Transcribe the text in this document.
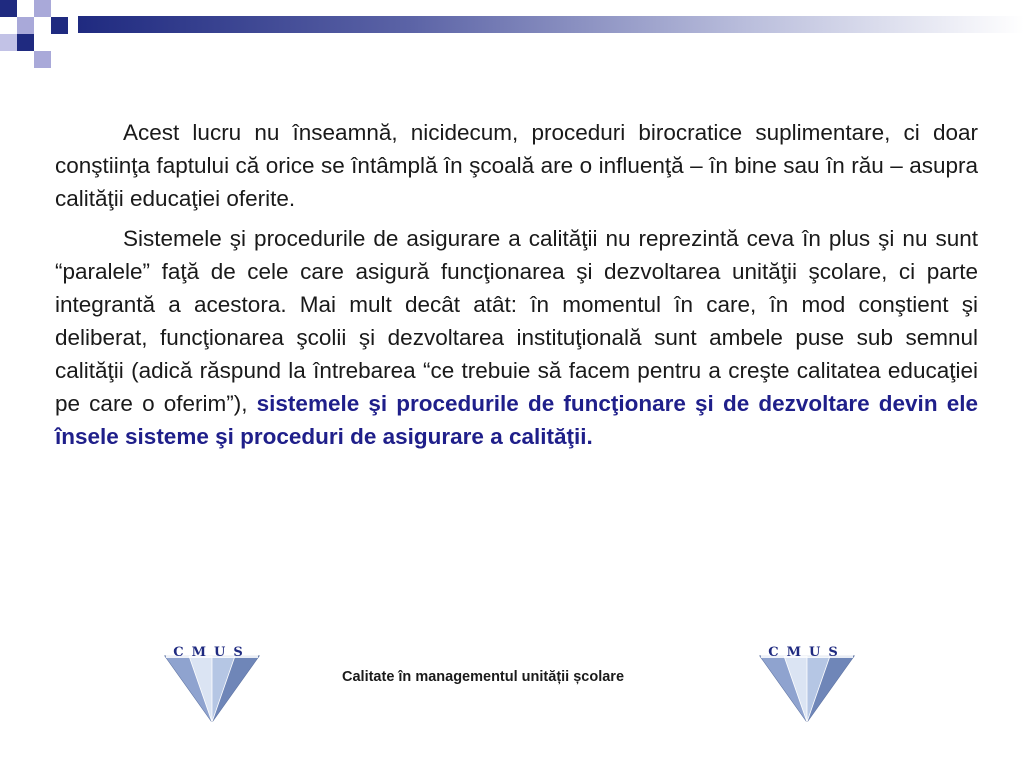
Acest lucru nu înseamnă, nicidecum, proceduri birocratice suplimentare, ci doar conştiinţa faptului că orice se întâmplă în şcoală are o influenţă – în bine sau în rău – asupra calităţii educaţiei oferite.

Sistemele şi procedurile de asigurare a calităţii nu reprezintă ceva în plus şi nu sunt “paralele” faţă de cele care asigură funcţionarea şi dezvoltarea unităţii şcolare, ci parte integrantă a acestora. Mai mult decât atât: în momentul în care, în mod conştient şi deliberat, funcţionarea şcolii şi dezvoltarea instituţională sunt ambele puse sub semnul calităţii (adică răspund la întrebarea “ce trebuie să facem pentru a creşte calitatea educaţiei pe care o oferim”), sistemele şi procedurile de funcţionare şi de dezvoltare devin ele însele sisteme şi proceduri de asigurare a calităţii.

CMUS
Calitate în managementul unității școlare
CMUS
